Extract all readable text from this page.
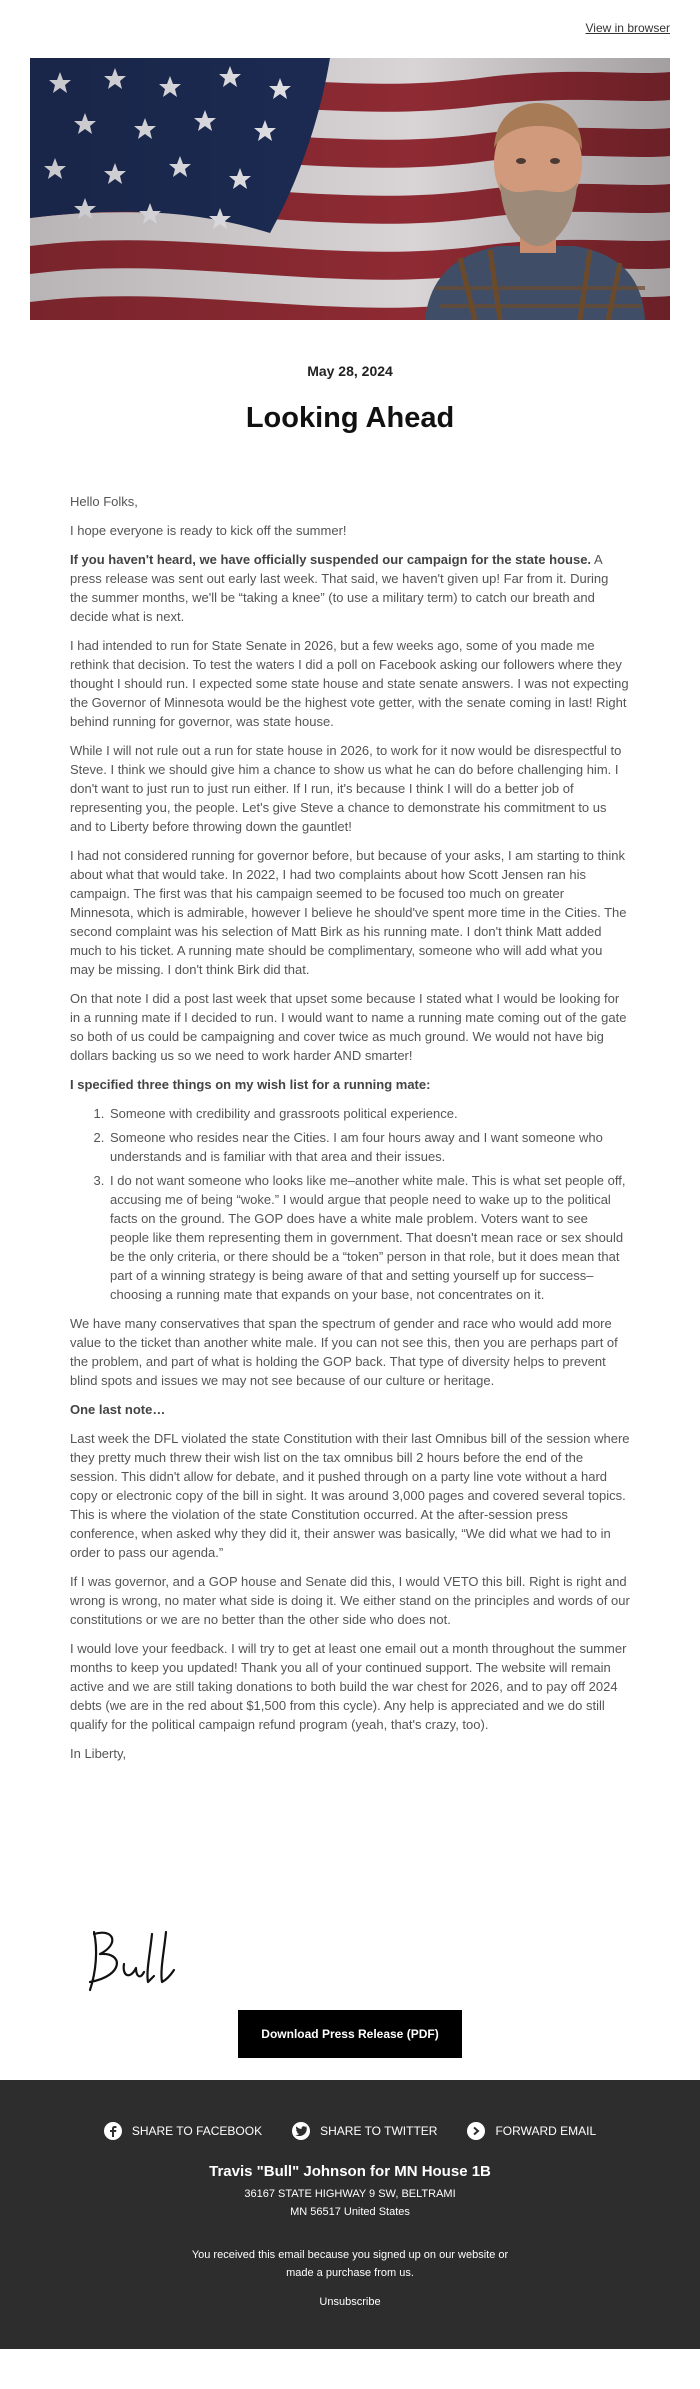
View in browser
May 28, 2024
Looking Ahead

Hello Folks,

I hope everyone is ready to kick off the summer!

If you haven't heard, we have officially suspended our campaign for the state house. A press release was sent out early last week. That said, we haven't given up! Far from it. During the summer months, we'll be “taking a knee” (to use a military term) to catch our breath and decide what is next.

I had intended to run for State Senate in 2026, but a few weeks ago, some of you made me rethink that decision. To test the waters I did a poll on Facebook asking our followers where they thought I should run. I expected some state house and state senate answers. I was not expecting the Governor of Minnesota would be the highest vote getter, with the senate coming in last! Right behind running for governor, was state house.

While I will not rule out a run for state house in 2026, to work for it now would be disrespectful to Steve. I think we should give him a chance to show us what he can do before challenging him. I don't want to just run to just run either. If I run, it's because I think I will do a better job of representing you, the people. Let's give Steve a chance to demonstrate his commitment to us and to Liberty before throwing down the gauntlet!

I had not considered running for governor before, but because of your asks, I am starting to think about what that would take. In 2022, I had two complaints about how Scott Jensen ran his campaign. The first was that his campaign seemed to be focused too much on greater Minnesota, which is admirable, however I believe he should've spent more time in the Cities. The second complaint was his selection of Matt Birk as his running mate. I don't think Matt added much to his ticket. A running mate should be complimentary, someone who will add what you may be missing. I don't think Birk did that.

On that note I did a post last week that upset some because I stated what I would be looking for in a running mate if I decided to run. I would want to name a running mate coming out of the gate so both of us could be campaigning and cover twice as much ground. We would not have big dollars backing us so we need to work harder AND smarter!

I specified three things on my wish list for a running mate:

1. Someone with credibility and grassroots political experience.
2. Someone who resides near the Cities. I am four hours away and I want someone who understands and is familiar with that area and their issues.
3. I do not want someone who looks like me–another white male. This is what set people off, accusing me of being “woke.” I would argue that people need to wake up to the political facts on the ground. The GOP does have a white male problem. Voters want to see people like them representing them in government. That doesn't mean race or sex should be the only criteria, or there should be a “token” person in that role, but it does mean that part of a winning strategy is being aware of that and setting yourself up for success–choosing a running mate that expands on your base, not concentrates on it.

We have many conservatives that span the spectrum of gender and race who would add more value to the ticket than another white male. If you can not see this, then you are perhaps part of the problem, and part of what is holding the GOP back. That type of diversity helps to prevent blind spots and issues we may not see because of our culture or heritage.

One last note…

Last week the DFL violated the state Constitution with their last Omnibus bill of the session where they pretty much threw their wish list on the tax omnibus bill 2 hours before the end of the session. This didn't allow for debate, and it pushed through on a party line vote without a hard copy or electronic copy of the bill in sight. It was around 3,000 pages and covered several topics. This is where the violation of the state Constitution occurred. At the after-session press conference, when asked why they did it, their answer was basically, “We did what we had to in order to pass our agenda.”

If I was governor, and a GOP house and Senate did this, I would VETO this bill. Right is right and wrong is wrong, no mater what side is doing it. We either stand on the principles and words of our constitutions or we are no better than the other side who does not.

I would love your feedback. I will try to get at least one email out a month throughout the summer months to keep you updated! Thank you all of your continued support. The website will remain active and we are still taking donations to both build the war chest for 2026, and to pay off 2024 debts (we are in the red about $1,500 from this cycle). Any help is appreciated and we do still qualify for the political campaign refund program (yeah, that's crazy, too).

In Liberty,

Download Press Release (PDF)
SHARE TO FACEBOOK	SHARE TO TWITTER	FORWARD EMAIL
Travis "Bull" Johnson for MN House 1B
36167 STATE HIGHWAY 9 SW, BELTRAMI
MN 56517 United States
You received this email because you signed up on our website or
made a purchase from us.
Unsubscribe
